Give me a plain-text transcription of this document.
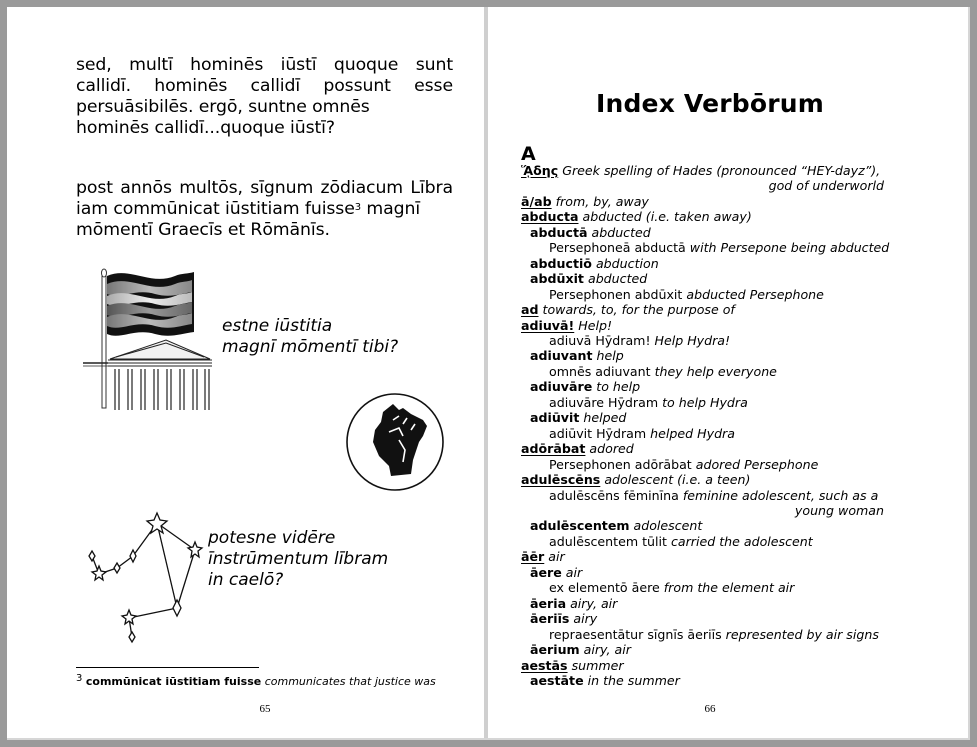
sed, multī hominēs iūstī quoque sunt callidī. hominēs callidī possunt esse persuāsibilēs. ergō, suntne omnēs
hominēs callidī...quoque iūstī?
post annōs multōs, sīgnum zōdiacum Lībra iam commūnicat iūstitiam fuisse$^3$ magnī
mōmentī Graecīs et Rōmānīs.
estne iūstitia
magnī mōmentī tibi?
potesne vidēre
īnstrūmentum lībram
in caelō?
$^3$ commūnicat iūstitiam fuisse communicates that justice was
65
Index Verbōrum
A
ᾍδης Greek spelling of Hades (pronounced “HEY-dayz”),
god of underworld
ā/ab from, by, away
abducta abducted (i.e. taken away)
abductā abducted
Persephoneā abductā with Persepone being abducted
abductiō abduction
abdūxit abducted
Persephonen abdūxit abducted Persephone
ad towards, to, for the purpose of
adiuvā! Help!
adiuvā Hȳdram! Help Hydra!
adiuvant help
omnēs adiuvant they help everyone
adiuvāre to help
adiuvāre Hȳdram to help Hydra
adiūvit helped
adiūvit Hȳdram helped Hydra
adōrābat adored
Persephonen adōrābat adored Persephone
adulēscēns adolescent (i.e. a teen)
adulēscēns fēminīna feminine adolescent, such as a
young woman
adulēscentem adolescent
adulēscentem tūlit carried the adolescent
āēr air
āere air
ex elementō āere from the element air
āeria airy, air
āeriīs airy
repraesentātur sīgnīs āeriīs represented by air signs
āerium airy, air
aestās summer
aestāte in the summer
66
